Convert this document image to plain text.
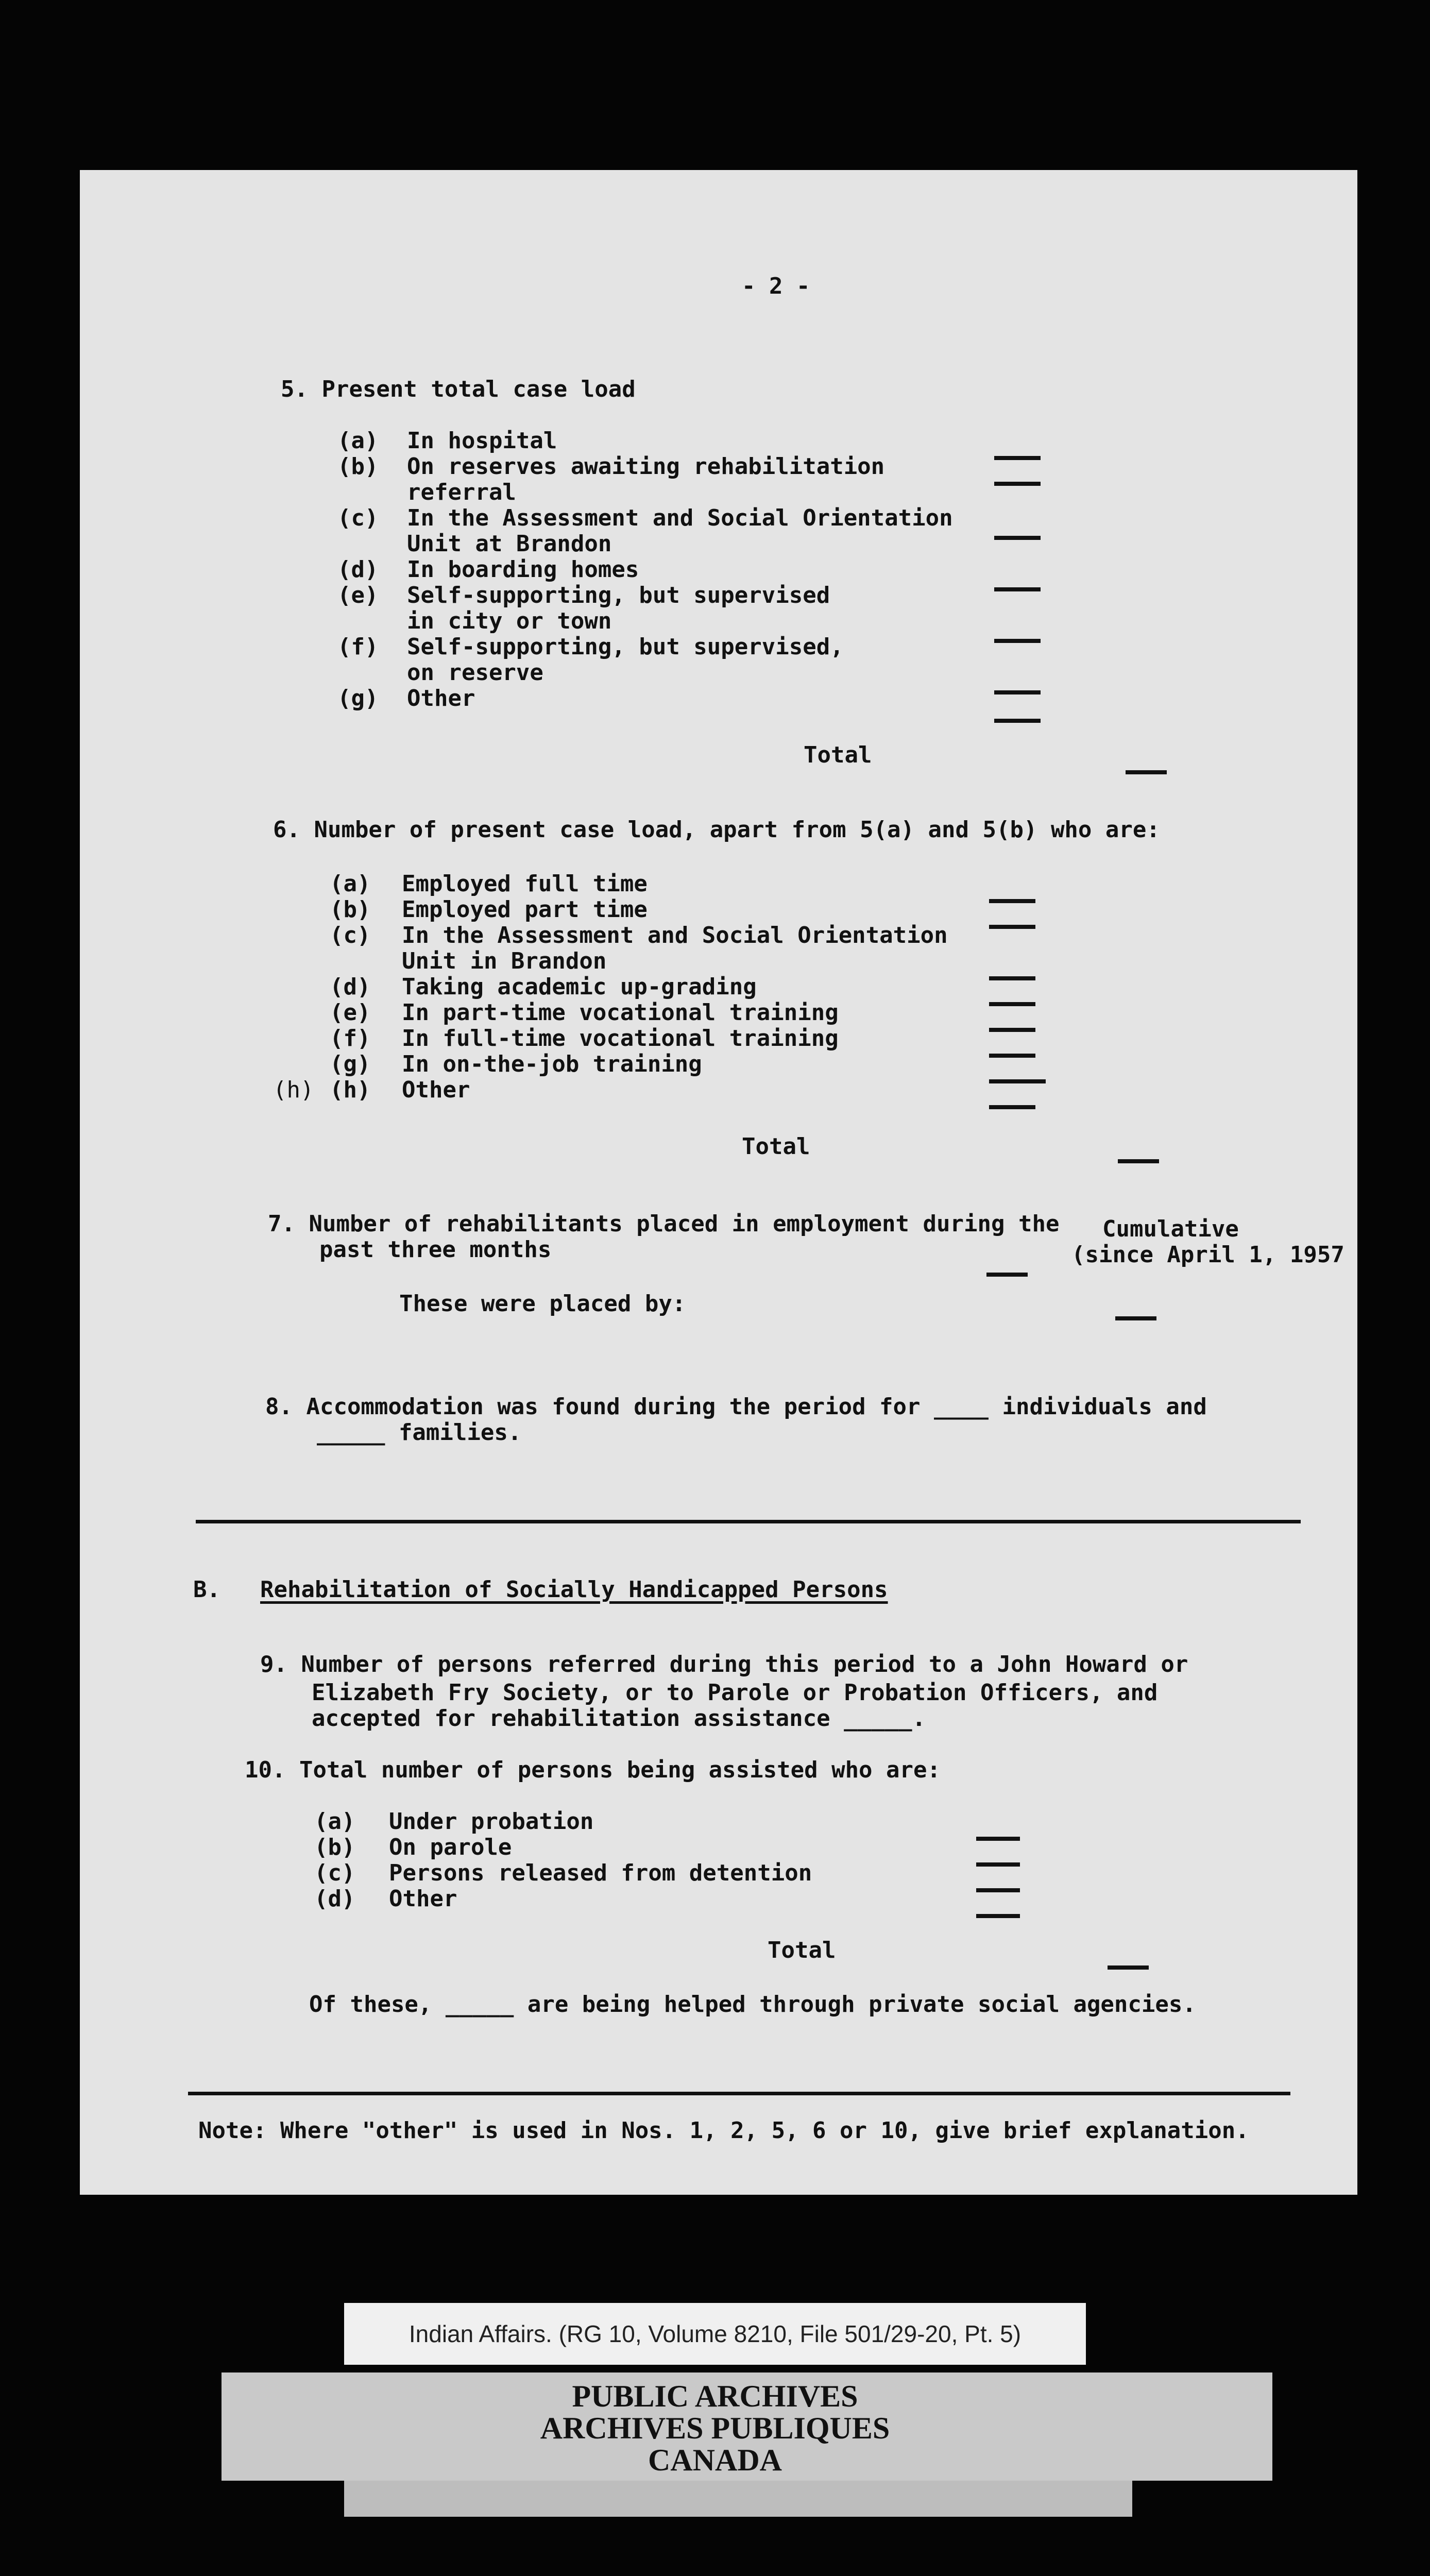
- 2 -
5. Present total case load
(a) In hospital
(b) On reserves awaiting rehabilitation
referral
(c) In the Assessment and Social Orientation
Unit at Brandon
(d) In boarding homes
(e) Self-supporting, but supervised
in city or town
(f) Self-supporting, but supervised,
on reserve
(g) Other
Total
6. Number of present case load, apart from 5(a) and 5(b) who are:
(a) Employed full time
(b) Employed part time
(c) In the Assessment and Social Orientation
Unit in Brandon
(d) Taking academic up-grading
(e) In part-time vocational training
(f) In full-time vocational training
(g) In on-the-job training
(h) (h) Other
Total
7. Number of rehabilitants placed in employment during the
past three months
Cumulative
(since April 1, 1957
These were placed by:
8. Accommodation was found during the period for ____ individuals and
_____ families.
B. Rehabilitation of Socially Handicapped Persons
9. Number of persons referred during this period to a John Howard or
Elizabeth Fry Society, or to Parole or Probation Officers, and
accepted for rehabilitation assistance _____.
10. Total number of persons being assisted who are:
(a) Under probation
(b) On parole
(c) Persons released from detention
(d) Other
Total
Of these, _____ are being helped through private social agencies.
Note: Where "other" is used in Nos. 1, 2, 5, 6 or 10, give brief explanation.
Indian Affairs. (RG 10, Volume 8210, File 501/29-20, Pt. 5)
PUBLIC ARCHIVES
ARCHIVES PUBLIQUES
CANADA
